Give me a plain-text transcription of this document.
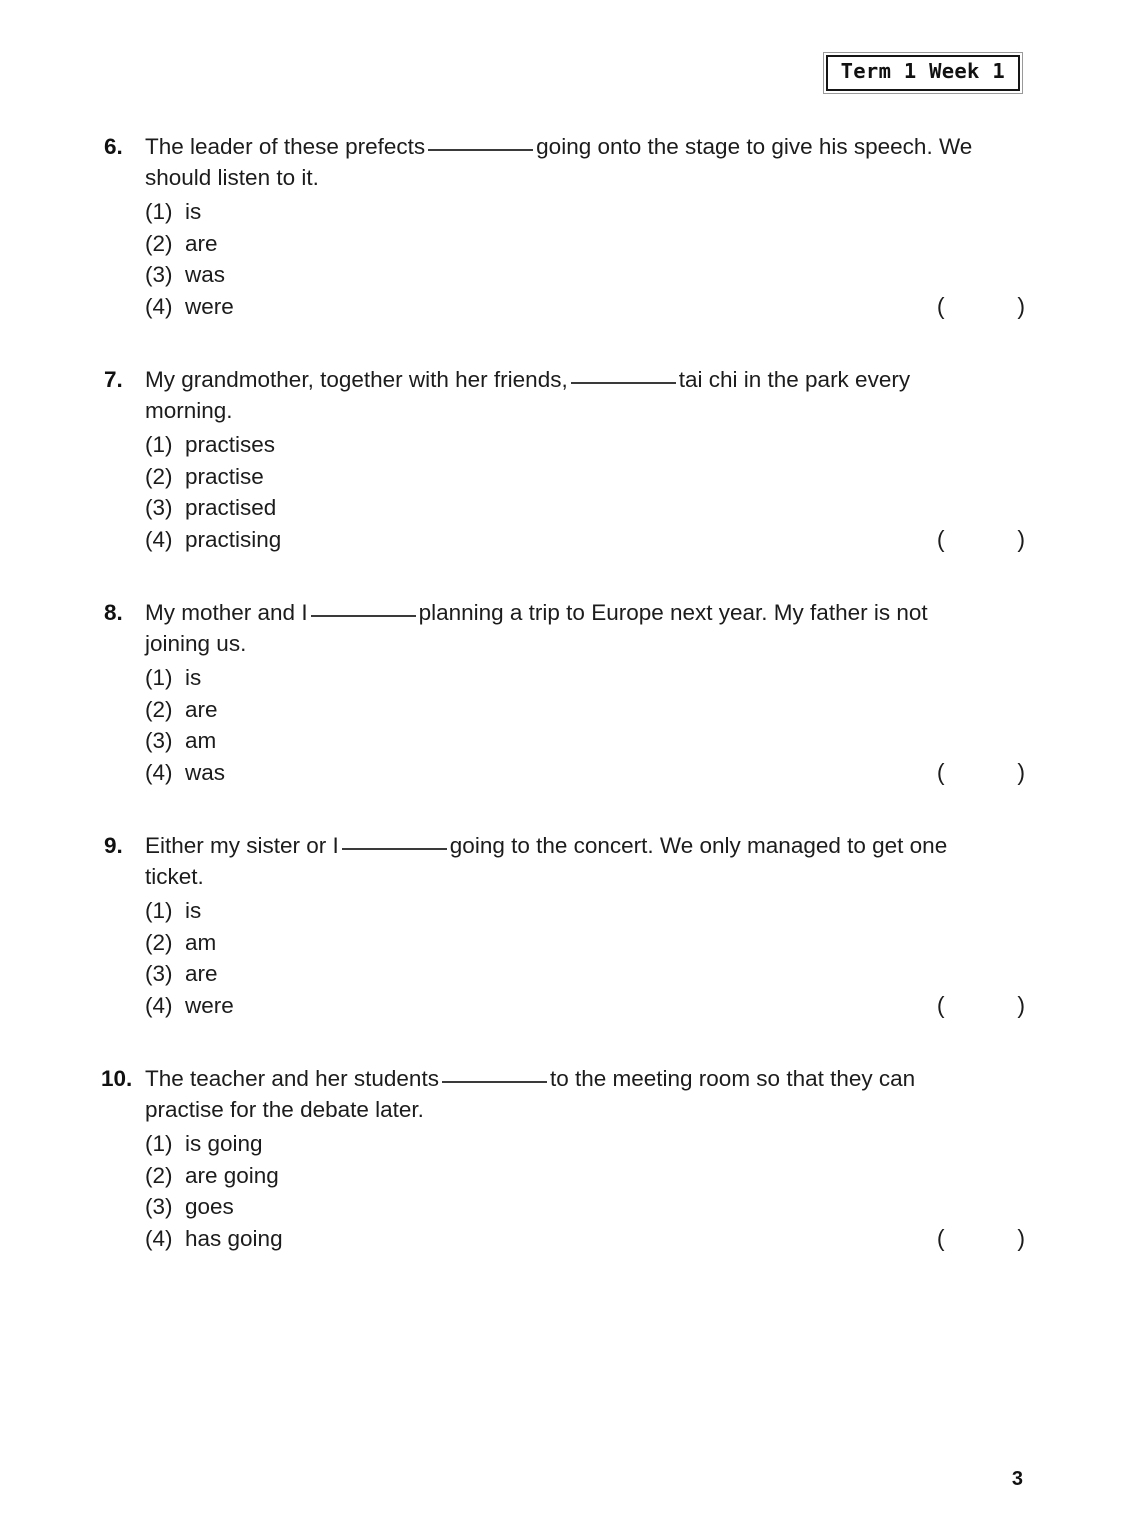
Term 1 Week 1
6. The leader of these prefects	going onto the stage to give his speech. We should listen to it.
(1) is
(2) are
(3) was
(4) were	(  )
7. My grandmother, together with her friends,	tai chi in the park every morning.
(1) practises
(2) practise
(3) practised
(4) practising	(  )
8. My mother and I	planning a trip to Europe next year. My father is not joining us.
(1) is
(2) are
(3) am
(4) was	(  )
9. Either my sister or I	going to the concert. We only managed to get one ticket.
(1) is
(2) am
(3) are
(4) were	(  )
10. The teacher and her students	to the meeting room so that they can practise for the debate later.
(1) is going
(2) are going
(3) goes
(4) has going	(  )
3
